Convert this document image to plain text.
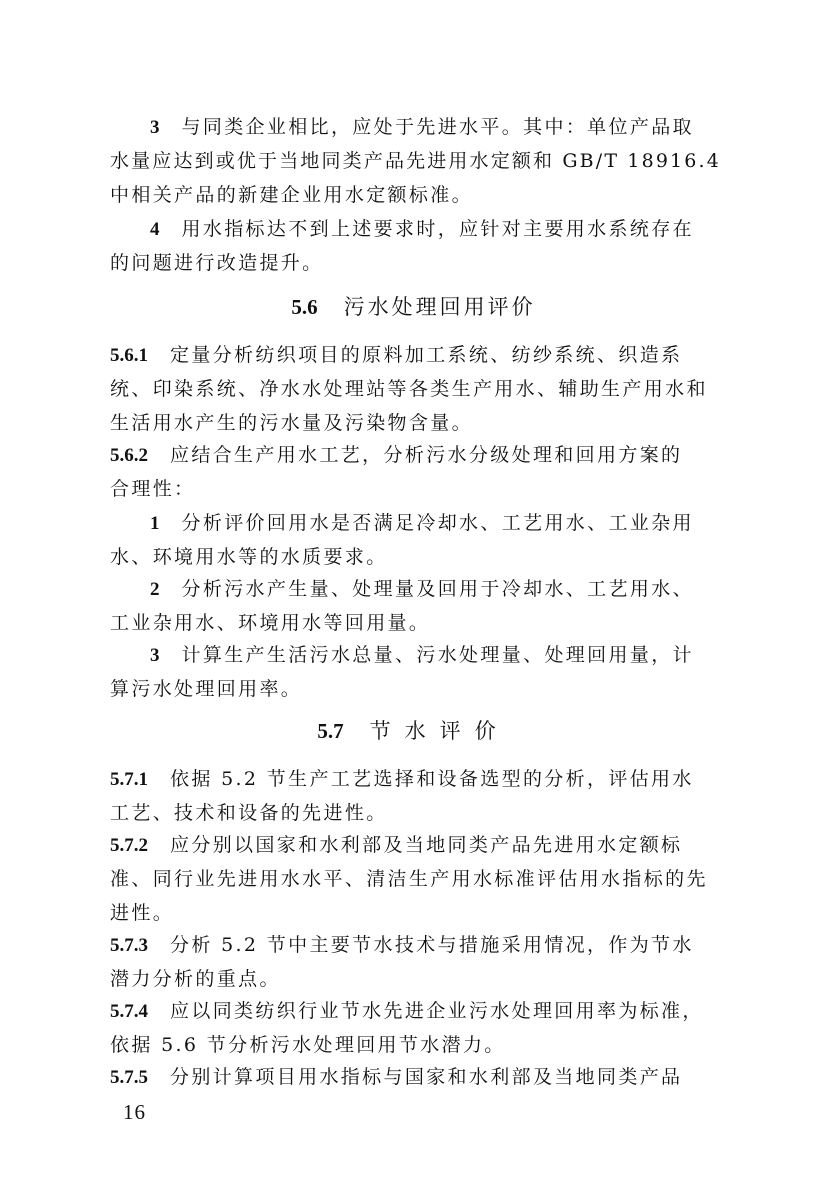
3 与同类企业相比，应处于先进水平。其中：单位产品取
水量应达到或优于当地同类产品先进用水定额和 GB/T 18916.4
中相关产品的新建企业用水定额标准。
4 用水指标达不到上述要求时，应针对主要用水系统存在
的问题进行改造提升。
5.6 污水处理回用评价
5.6.1 定量分析纺织项目的原料加工系统、纺纱系统、织造系
统、印染系统、净水水处理站等各类生产用水、辅助生产用水和
生活用水产生的污水量及污染物含量。
5.6.2 应结合生产用水工艺，分析污水分级处理和回用方案的
合理性：
1 分析评价回用水是否满足冷却水、工艺用水、工业杂用
水、环境用水等的水质要求。
2 分析污水产生量、处理量及回用于冷却水、工艺用水、
工业杂用水、环境用水等回用量。
3 计算生产生活污水总量、污水处理量、处理回用量，计
算污水处理回用率。
5.7 节水评价
5.7.1 依据 5.2 节生产工艺选择和设备选型的分析，评估用水
工艺、技术和设备的先进性。
5.7.2 应分别以国家和水利部及当地同类产品先进用水定额标
准、同行业先进用水水平、清洁生产用水标准评估用水指标的先
进性。
5.7.3 分析 5.2 节中主要节水技术与措施采用情况，作为节水
潜力分析的重点。
5.7.4 应以同类纺织行业节水先进企业污水处理回用率为标准，
依据 5.6 节分析污水处理回用节水潜力。
5.7.5 分别计算项目用水指标与国家和水利部及当地同类产品
16
